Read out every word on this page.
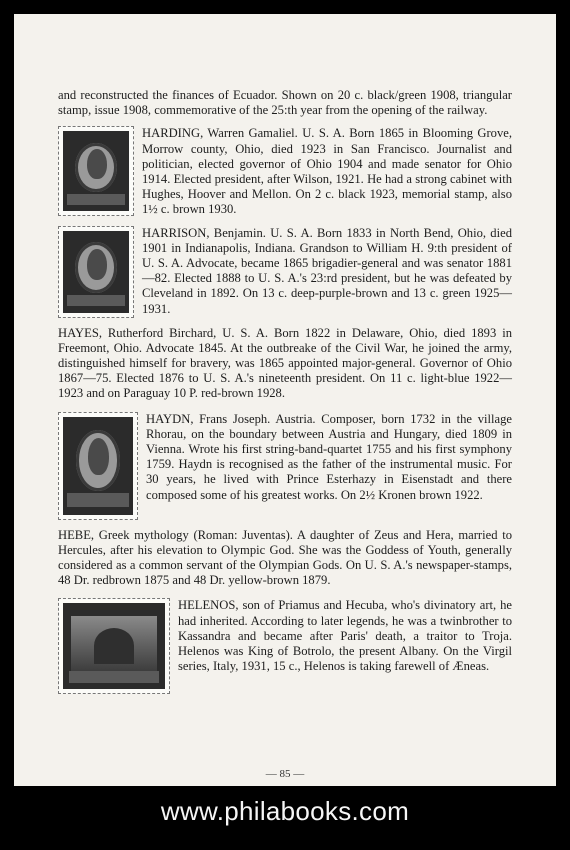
and reconstructed the finances of Ecuador. Shown on 20 c. black/green 1908, triangular stamp, issue 1908, commemorative of the 25:th year from the opening of the railway.

HARDING, Warren Gamaliel. U. S. A. Born 1865 in Blooming Grove, Morrow county, Ohio, died 1923 in San Francisco. Journalist and politician, elected governor of Ohio 1904 and made senator for Ohio 1914. Elected president, after Wilson, 1921. He had a strong cabinet with Hughes, Hoover and Mellon. On 2 c. black 1923, memorial stamp, also 1½ c. brown 1930.

HARRISON, Benjamin. U. S. A. Born 1833 in North Bend, Ohio, died 1901 in Indianapolis, Indiana. Grandson to William H. 9:th president of U. S. A. Advocate, became 1865 brigadier-general and was senator 1881—82. Elected 1888 to U. S. A.'s 23:rd president, but he was defeated by Cleveland in 1892. On 13 c. deep-purple-brown and 13 c. green 1925—1931.

HAYES, Rutherford Birchard, U. S. A. Born 1822 in Delaware, Ohio, died 1893 in Freemont, Ohio. Advocate 1845. At the outbreake of the Civil War, he joined the army, distinguished himself for bravery, was 1865 appointed major-general. Governor of Ohio 1867—75. Elected 1876 to U. S. A.'s nineteenth president. On 11 c. light-blue 1922—1923 and on Paraguay 10 P. red-brown 1928.

HAYDN, Frans Joseph. Austria. Composer, born 1732 in the village Rhorau, on the boundary between Austria and Hungary, died 1809 in Vienna. Wrote his first string-band-quartet 1755 and his first symphony 1759. Haydn is recognised as the father of the instrumental music. For 30 years, he lived with Prince Esterhazy in Eisenstadt and there composed some of his greatest works. On 2½ Kronen brown 1922.

HEBE, Greek mythology (Roman: Juventas). A daughter of Zeus and Hera, married to Hercules, after his elevation to Olympic God. She was the Goddess of Youth, generally considered as a common servant of the Olympian Gods. On U. S. A.'s newspaper-stamps, 48 Dr. redbrown 1875 and 48 Dr. yellow-brown 1879.

HELENOS, son of Priamus and Hecuba, who's divinatory art, he had inherited. According to later legends, he was a twinbrother to Kassandra and became after Paris' death, a traitor to Troja. Helenos was King of Botrolo, the present Albany. On the Virgil series, Italy, 1931, 15 c., Helenos is taking farewell of Æneas.

— 85 —
www.philabooks.com
